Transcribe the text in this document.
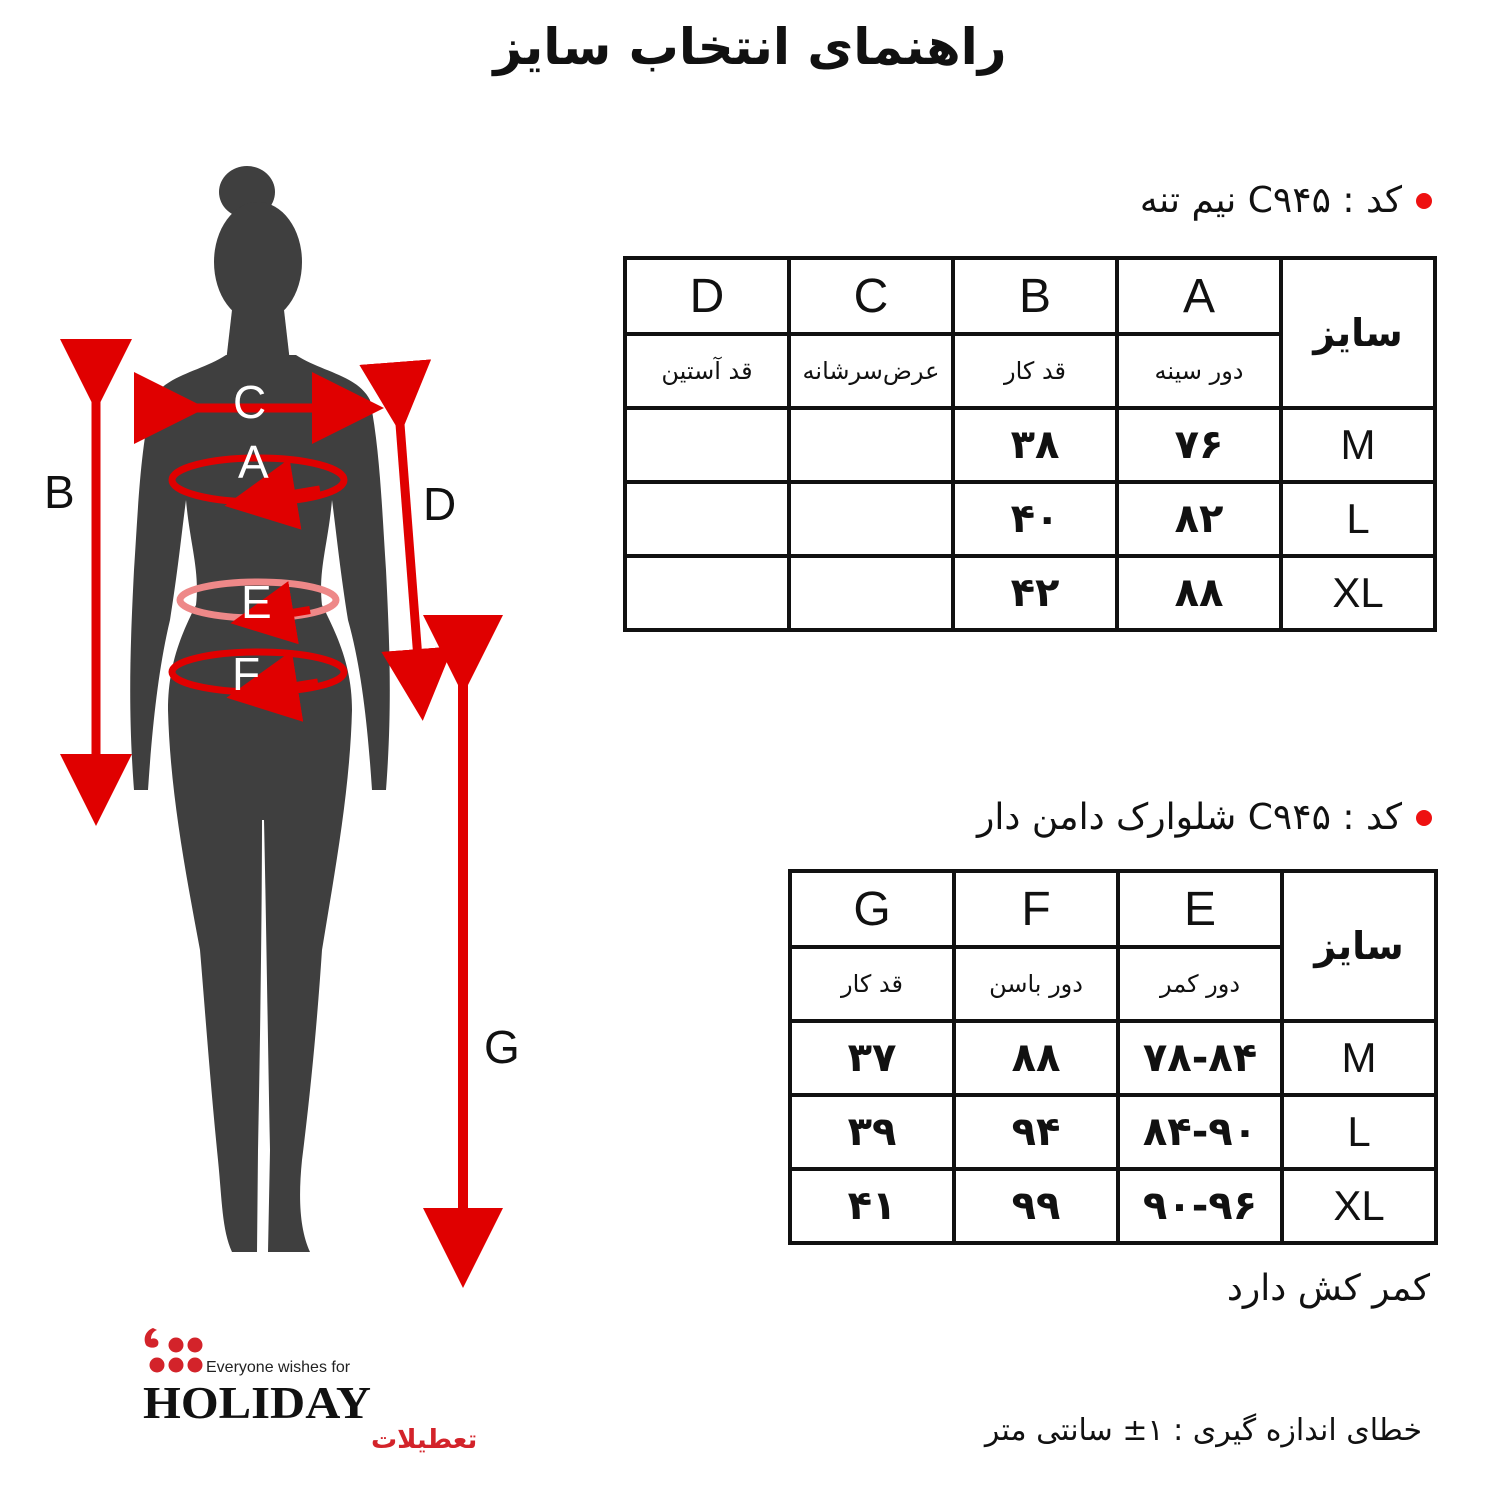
راهنمای انتخاب سایز
C
A
E
F
B	D
G
کد : C۹۴۵ نیم تنه
سایز	A	B	C	D
	دور سینه	قد کار	عرض‌سرشانه	قد آستین
M	۷۶	۳۸		
L	۸۲	۴۰		
XL	۸۸	۴۲		
کد : C۹۴۵ شلوارک دامن دار
سایز	E	F	G
	دور کمر	دور باسن	قد کار
M	۷۸-۸۴	۸۸	۳۷
L	۸۴-۹۰	۹۴	۳۹
XL	۹۰-۹۶	۹۹	۴۱
کمر کش دارد
خطای اندازه گیری : ۱± سانتی متر
Everyone wishes for
HOLIDAY
تعطیلات
